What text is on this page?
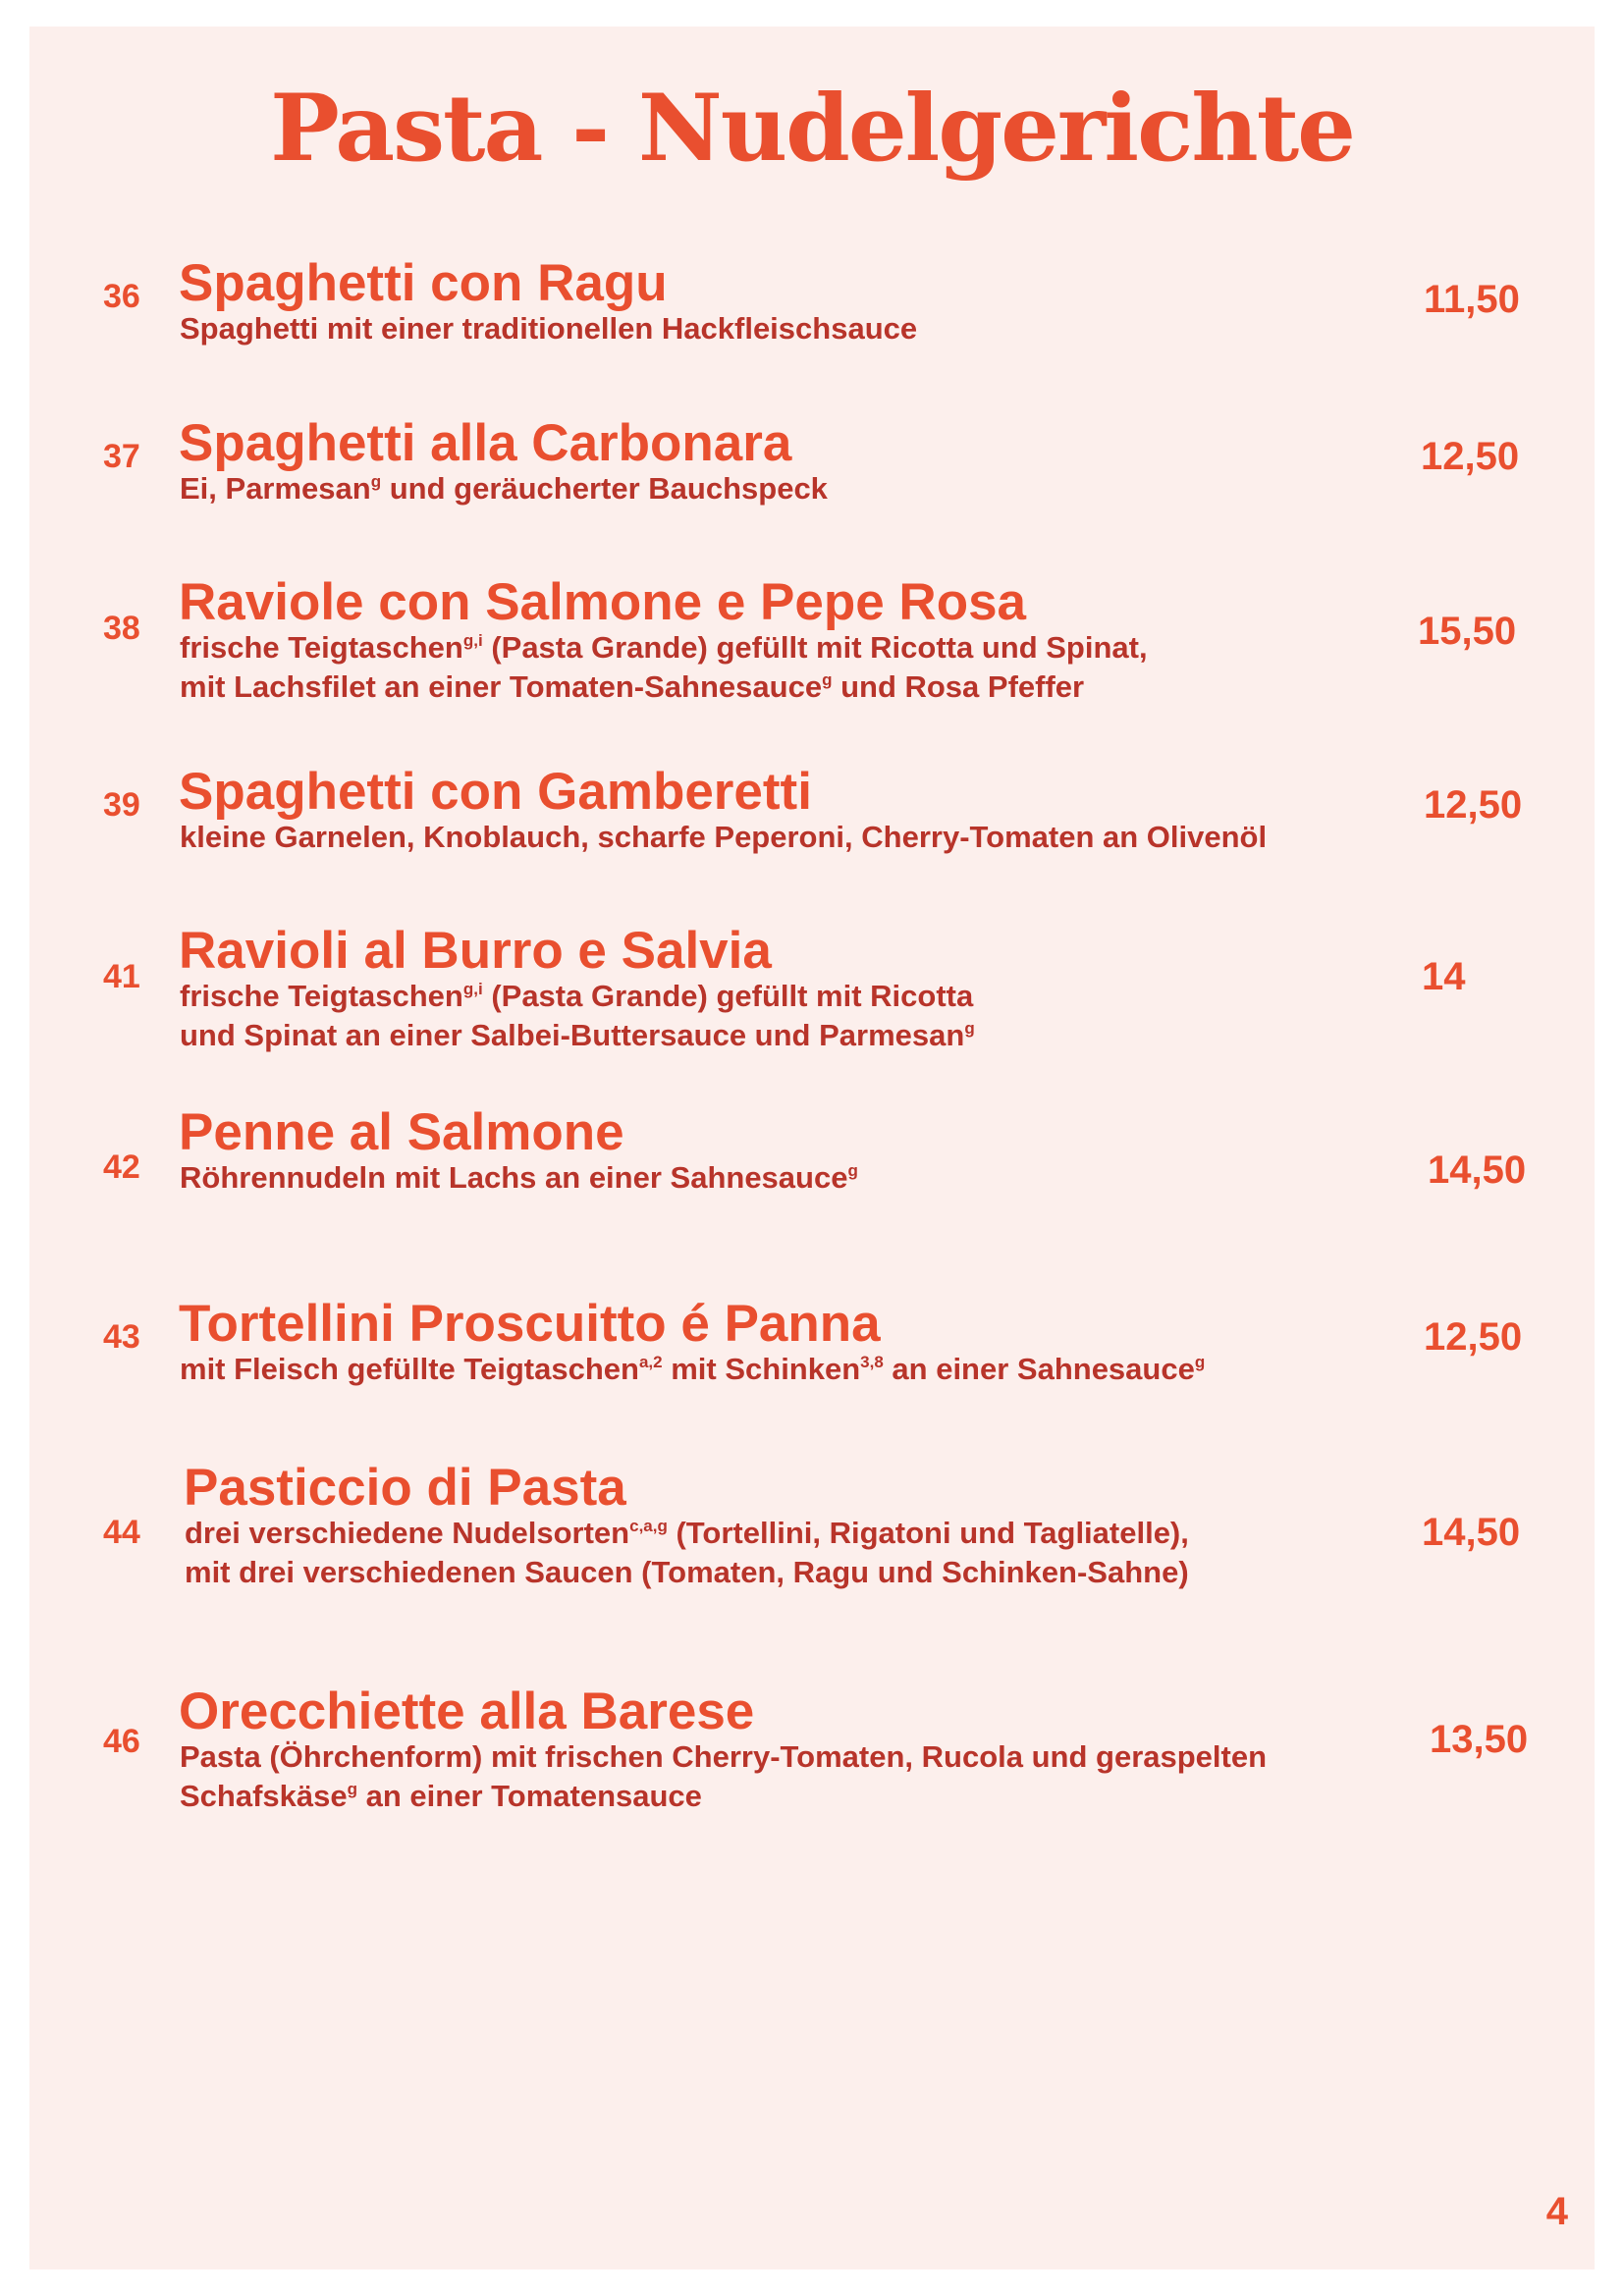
Pasta - Nudelgerichte
36 Spaghetti con Ragu
Spaghetti mit einer traditionellen Hackfleischsauce
11,50
37 Spaghetti alla Carbonara
Ei, Parmesan$^g$ und geräucherter Bauchspeck
12,50
38 Raviole con Salmone e Pepe Rosa
frische Teigtaschen$^{g,i}$ (Pasta Grande) gefüllt mit Ricotta und Spinat,
mit Lachsfilet an einer Tomaten-Sahnesauce$^g$ und Rosa Pfeffer
15,50
39 Spaghetti con Gamberetti
kleine Garnelen, Knoblauch, scharfe Peperoni, Cherry-Tomaten an Olivenöl
12,50
41 Ravioli al Burro e Salvia
frische Teigtaschen$^{g,i}$ (Pasta Grande) gefüllt mit Ricotta
und Spinat an einer Salbei-Buttersauce und Parmesan$^g$
14
42
Penne al Salmone
Röhrennudeln mit Lachs an einer Sahnesauce$^g$	14,50
43 Tortellini Proscuitto é Panna
mit Fleisch gefüllte Teigtaschen$^{a,2}$ mit Schinken$^{3,8}$ an einer Sahnesauce$^g$
12,50
44
Pasticcio di Pasta
drei verschiedene Nudelsorten$^{c,a,g}$ (Tortellini, Rigatoni und Tagliatelle),
mit drei verschiedenen Saucen (Tomaten, Ragu und Schinken-Sahne)
14,50
46
Orecchiette alla Barese
Pasta (Öhrchenform) mit frischen Cherry-Tomaten, Rucola und geraspelten
Schafskäse$^g$ an einer Tomatensauce
13,50
4
